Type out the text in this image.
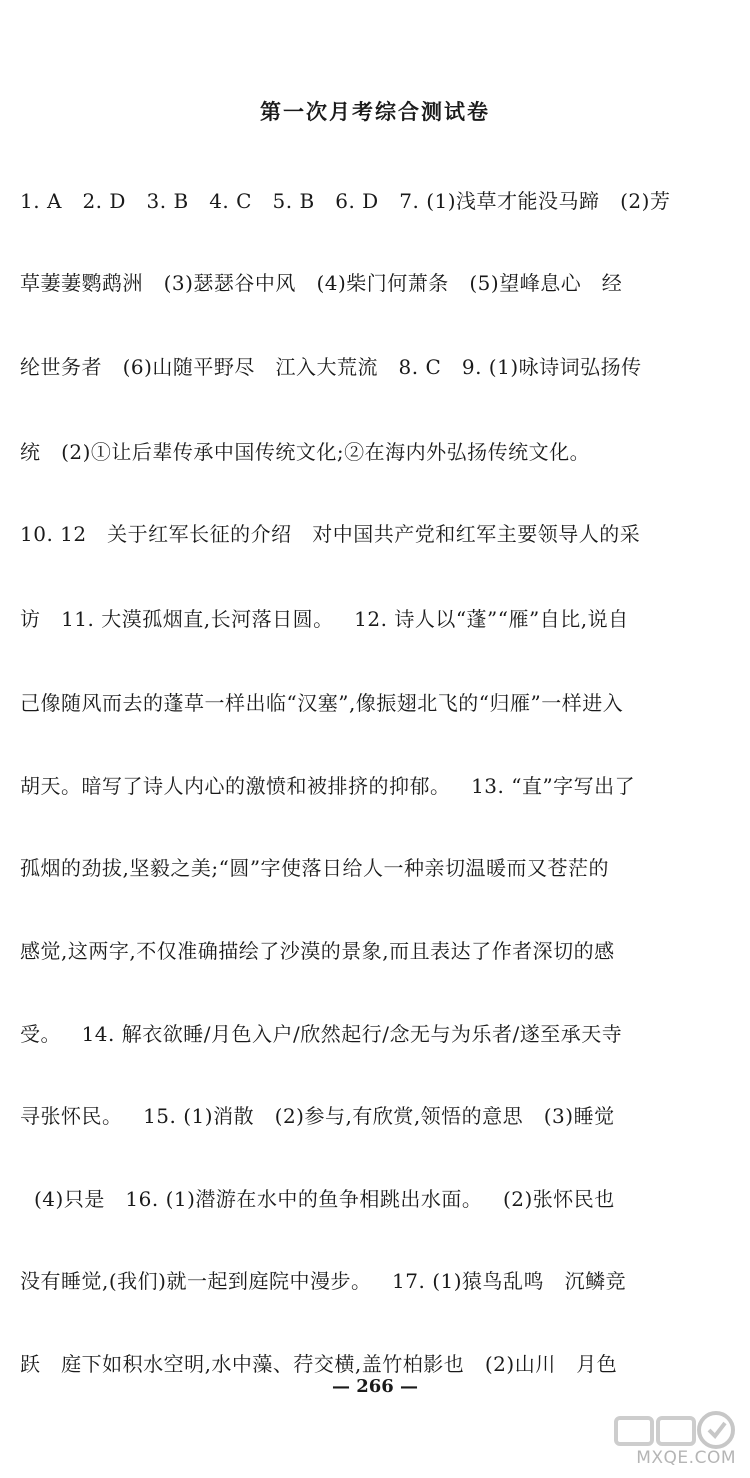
第一次月考综合测试卷
1. A   2. D   3. B   4. C   5. B   6. D   7. (1)浅草才能没马蹄   (2)芳
草萋萋鹦鹉洲   (3)瑟瑟谷中风   (4)柴门何萧条   (5)望峰息心   经
纶世务者   (6)山随平野尽   江入大荒流   8. C   9. (1)咏诗词弘扬传
统   (2)①让后辈传承中国传统文化;②在海内外弘扬传统文化。
10. 12   关于红军长征的介绍   对中国共产党和红军主要领导人的采
访   11. 大漠孤烟直,长河落日圆。   12. 诗人以“蓬”“雁”自比,说自
己像随风而去的蓬草一样出临“汉塞”,像振翅北飞的“归雁”一样进入
胡天。暗写了诗人内心的激愤和被排挤的抑郁。   13. “直”字写出了
孤烟的劲拔,坚毅之美;“圆”字使落日给人一种亲切温暖而又苍茫的
感觉,这两字,不仅准确描绘了沙漠的景象,而且表达了作者深切的感
受。   14. 解衣欲睡/月色入户/欣然起行/念无与为乐者/遂至承天寺
寻张怀民。   15. (1)消散   (2)参与,有欣赏,领悟的意思   (3)睡觉
(4)只是   16. (1)潜游在水中的鱼争相跳出水面。   (2)张怀民也
没有睡觉,(我们)就一起到庭院中漫步。   17. (1)猿鸟乱鸣   沉鳞竞
跃   庭下如积水空明,水中藻、荇交横,盖竹柏影也   (2)山川   月色
— 266 —
MXQE.COM
